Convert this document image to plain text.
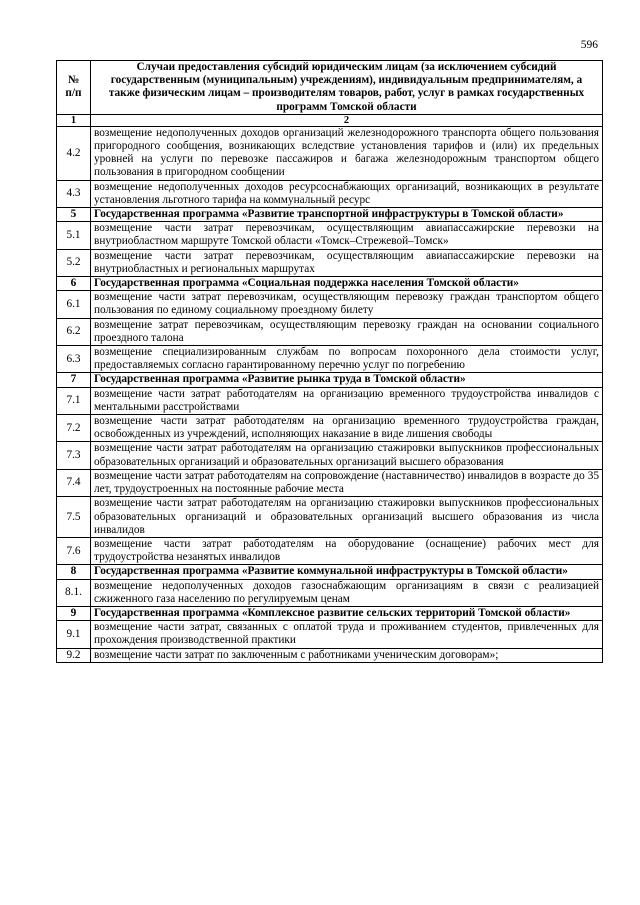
596
№
п/п	Случаи предоставления субсидий юридическим лицам (за исключением субсидий государственным (муниципальным) учреждениям), индивидуальным предпринимателям, а также физическим лицам – производителям товаров, работ, услуг в рамках государственных программ Томской области
1	2
4.2	возмещение недополученных доходов организаций железнодорожного транспорта общего пользования пригородного сообщения, возникающих вследствие установления тарифов и (или) их предельных уровней на услуги по перевозке пассажиров и багажа железнодорожным транспортом общего пользования в пригородном сообщении
4.3	возмещение недополученных доходов ресурсоснабжающих организаций, возникающих в результате установления льготного тарифа на коммунальный ресурс
5	Государственная программа «Развитие транспортной инфраструктуры в Томской области»
5.1	возмещение части затрат перевозчикам, осуществляющим авиапассажирские перевозки на внутриобластном маршруте Томской области «Томск–Стрежевой–Томск»
5.2	возмещение части затрат перевозчикам, осуществляющим авиапассажирские перевозки на внутриобластных и региональных маршрутах
6	Государственная программа «Социальная поддержка населения Томской области»
6.1	возмещение части затрат перевозчикам, осуществляющим перевозку граждан транспортом общего пользования по единому социальному проездному билету
6.2	возмещение затрат перевозчикам, осуществляющим перевозку граждан на основании социального проездного талона
6.3	возмещение специализированным службам по вопросам похоронного дела стоимости услуг, предоставляемых согласно гарантированному перечню услуг по погребению
7	Государственная программа «Развитие рынка труда в Томской области»
7.1	возмещение части затрат работодателям на организацию временного трудоустройства инвалидов с ментальными расстройствами
7.2	возмещение части затрат работодателям на организацию временного трудоустройства граждан, освобожденных из учреждений, исполняющих наказание в виде лишения свободы
7.3	возмещение части затрат работодателям на организацию стажировки выпускников профессиональных образовательных организаций и образовательных организаций высшего образования
7.4	возмещение части затрат работодателям на сопровождение (наставничество) инвалидов в возрасте до 35 лет, трудоустроенных на постоянные рабочие места
7.5	возмещение части затрат работодателям на организацию стажировки выпускников профессиональных образовательных организаций и образовательных организаций высшего образования из числа инвалидов
7.6	возмещение части затрат работодателям на оборудование (оснащение) рабочих мест для трудоустройства незанятых инвалидов
8	Государственная программа «Развитие коммунальной инфраструктуры в Томской области»
8.1.	возмещение недополученных доходов газоснабжающим организациям в связи с реализацией сжиженного газа населению по регулируемым ценам
9	Государственная программа «Комплексное развитие сельских территорий Томской области»
9.1	возмещение части затрат, связанных с оплатой труда и проживанием студентов, привлеченных для прохождения производственной практики
9.2	возмещение части затрат по заключенным с работниками ученическим договорам»;
